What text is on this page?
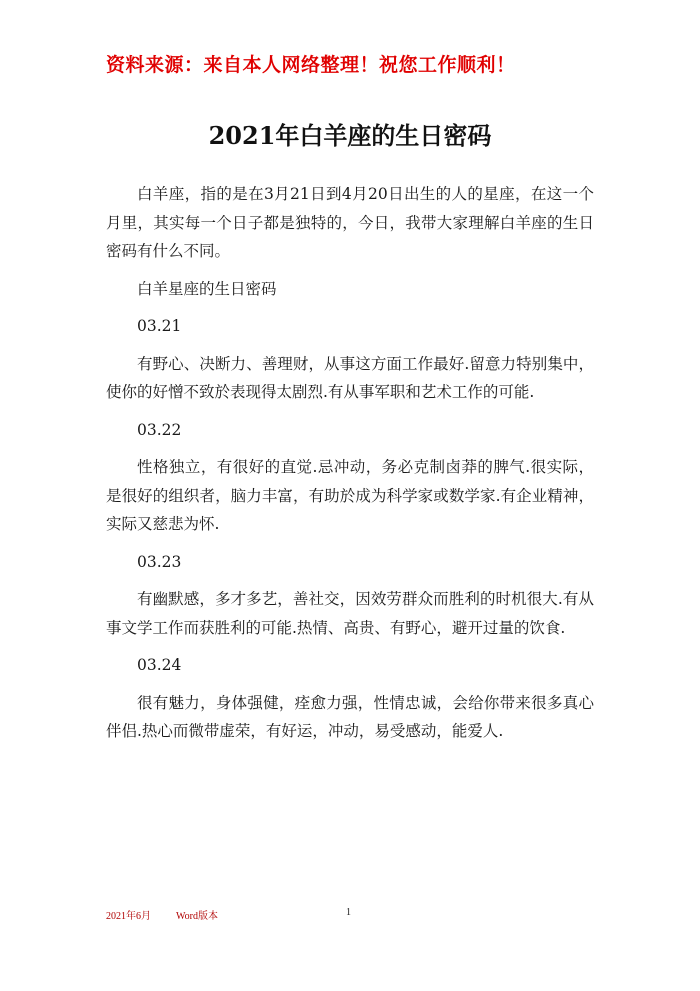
资料来源：来自本人网络整理！祝您工作顺利！
2021年白羊座的生日密码

白羊座，指的是在3月21日到4月20日出生的人的星座，在这一个月里，其实每一个日子都是独特的，今日，我带大家理解白羊座的生日密码有什么不同。

白羊星座的生日密码

03.21

有野心、决断力、善理财，从事这方面工作最好.留意力特别集中，使你的好憎不致於表现得太剧烈.有从事军职和艺术工作的可能.

03.22

性格独立，有很好的直觉.忌冲动，务必克制卤莽的脾气.很实际，是很好的组织者，脑力丰富，有助於成为科学家或数学家.有企业精神，实际又慈悲为怀.

03.23

有幽默感，多才多艺，善社交，因效劳群众而胜利的时机很大.有从事文学工作而获胜利的可能.热情、高贵、有野心，避开过量的饮食.

03.24

很有魅力，身体强健，痊愈力强，性情忠诚，会给你带来很多真心伴侣.热心而微带虚荣，有好运，冲动，易受感动，能爱人.

2021年6月	Word版本	1
